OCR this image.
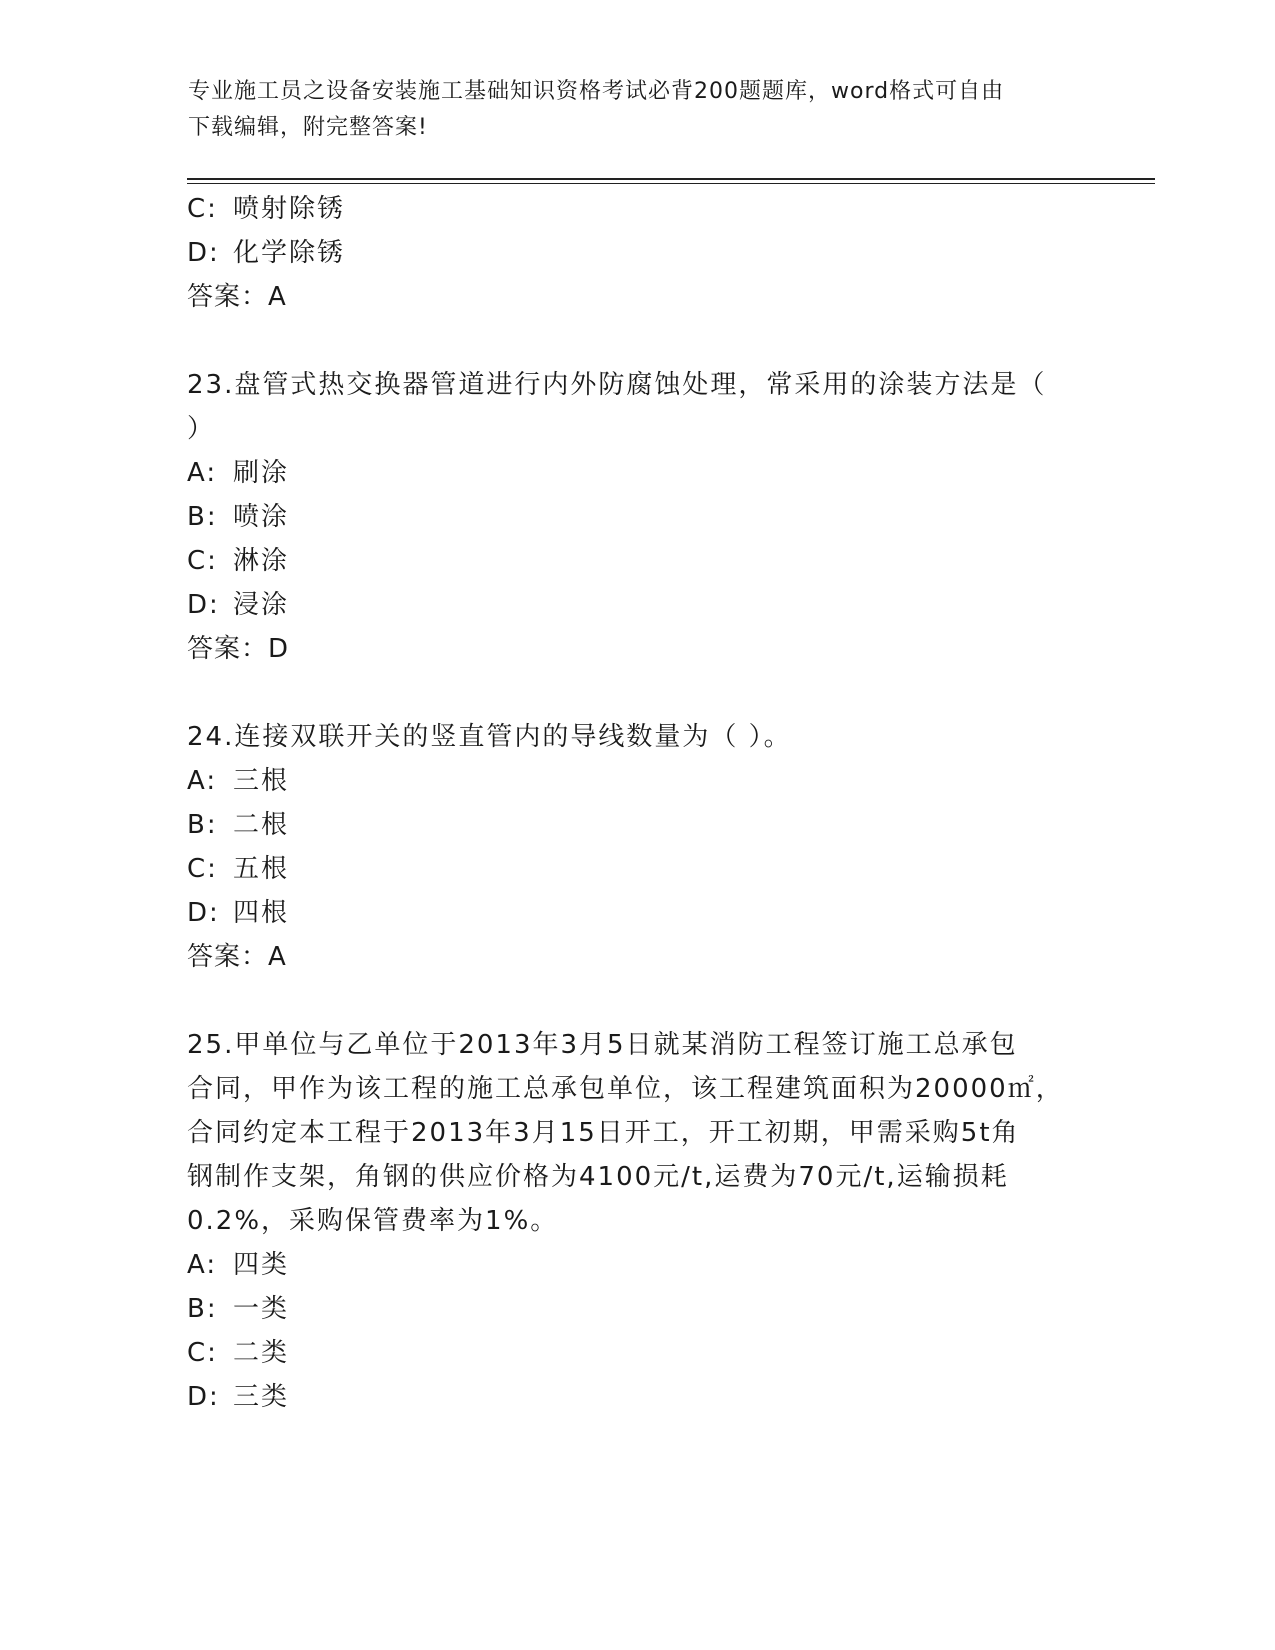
专业施工员之设备安装施工基础知识资格考试必背200题题库，word格式可自由
下载编辑，附完整答案!
C: 喷射除锈
D: 化学除锈
答案：A
23.盘管式热交换器管道进行内外防腐蚀处理，常采用的涂装方法是（
）
A: 刷涂
B: 喷涂
C: 淋涂
D: 浸涂
答案：D
24.连接双联开关的竖直管内的导线数量为（ ）。
A: 三根
B: 二根
C: 五根
D: 四根
答案：A
25.甲单位与乙单位于2013年3月5日就某消防工程签订施工总承包
合同，甲作为该工程的施工总承包单位，该工程建筑面积为20000㎡，
合同约定本工程于2013年3月15日开工，开工初期，甲需采购5t角
钢制作支架，角钢的供应价格为4100元/t,运费为70元/t,运输损耗
0.2%，采购保管费率为1%。
A: 四类
B: 一类
C: 二类
D: 三类
